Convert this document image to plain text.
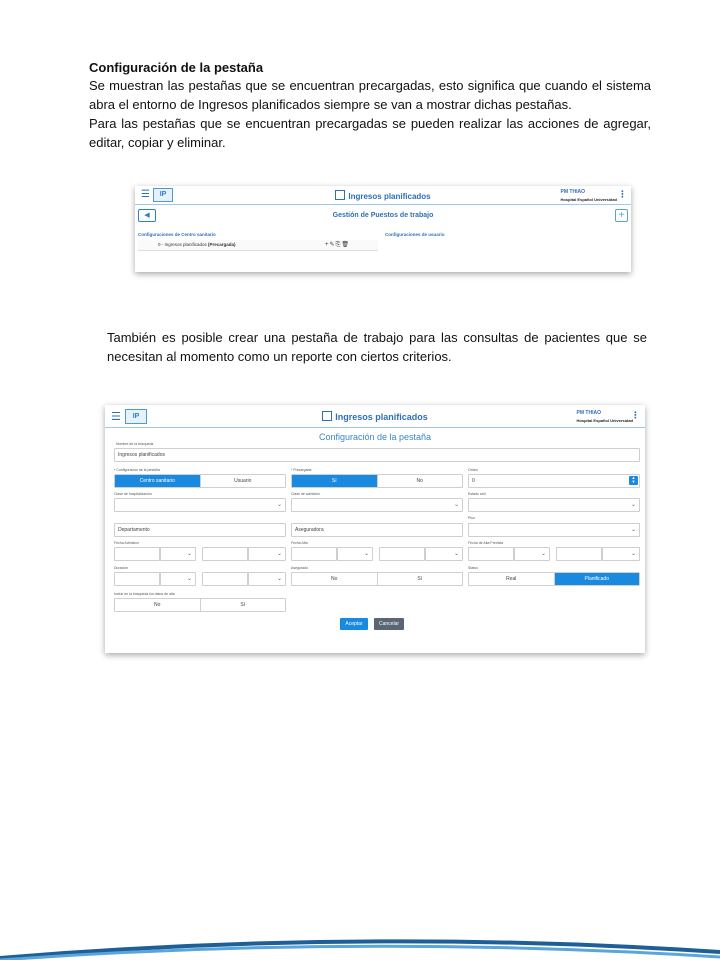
Configuración de la pestaña
Se muestran las pestañas que se encuentran precargadas, esto significa que cuando el sistema abra el entorno de Ingresos planificados siempre se van a mostrar dichas pestañas.
Para las pestañas que se encuentran precargadas se pueden realizar las acciones de agregar, editar, copiar y eliminar.
☰	IP	Ingresos planificados	PM THIAO
Hospital Español Universidad
⋮
◀︎	Gestión de Puestos de trabajo	+
Configuraciones de Centro sanitario	Configuraciones de usuario
0 - Ingresos planificados (Precargada)	+✎⎘🗑
También es posible crear una pestaña de trabajo para las consultas de pacientes que se necesitan al momento como un reporte con ciertos criterios.
☰	IP	Ingresos planificados	PM THIAO
Hospital Español Universidad
⋮
Configuración de la pestaña
Nombre de la búsqueda
Ingresos planificados
* Configuración de la pestaña
Centro sanitario	Usuario
* Precargada
Sí	No
Orden
0
▲
▼
Clase de hospitalización
⌄
Clase de admisión
⌄
Estado civil
⌄
Departamento	Aseguradora
Piso
⌄
Fecha Admisión
⌄	⌄
Fecha Alta
⌄	⌄
Fecha de Alta Prevista
⌄	⌄
Duración
⌄	⌄
Asegurado
No	Sí
Status
Real	Planificado
Incluir en la búsqueda los datos de alta
No	Sí
Aceptar	Cancelar
